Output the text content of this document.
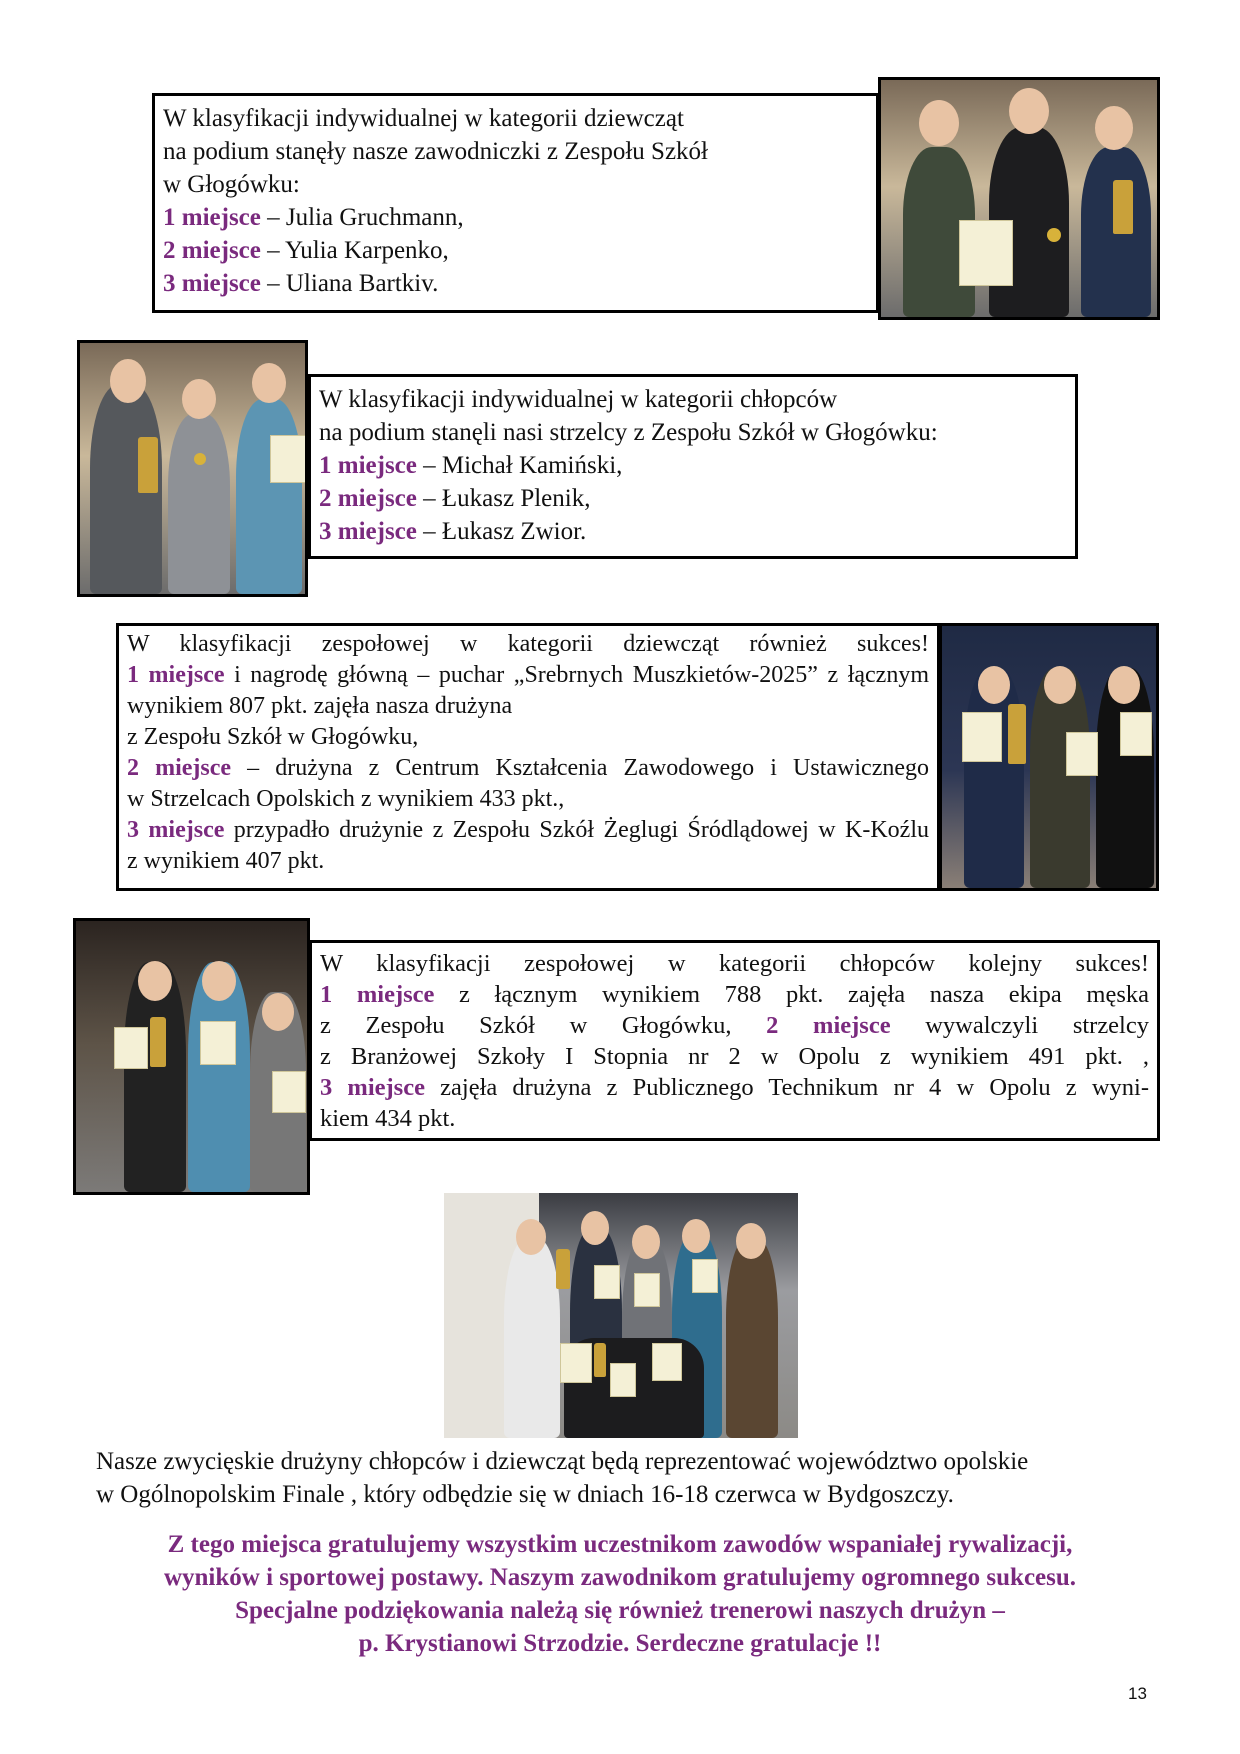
W klasyfikacji indywidualnej w kategorii dziewcząt
na podium stanęły nasze zawodniczki z Zespołu Szkół
w Głogówku:
1 miejsce – Julia Gruchmann,
2 miejsce – Yulia Karpenko,
3 miejsce – Uliana Bartkiv.
W klasyfikacji indywidualnej w kategorii chłopców
na podium stanęli nasi strzelcy z Zespołu Szkół w Głogówku:
1 miejsce – Michał Kamiński,
2 miejsce – Łukasz Plenik,
3 miejsce – Łukasz Zwior.
W klasyfikacji zespołowej w kategorii dziewcząt również sukces!
1 miejsce i nagrodę główną – puchar „Srebrnych Muszkietów-2025” z łącznym
wynikiem 807 pkt. zajęła nasza drużyna
z Zespołu Szkół w Głogówku,
2 miejsce – drużyna z Centrum Kształcenia Zawodowego i Ustawicznego
w Strzelcach Opolskich z wynikiem 433 pkt.,
3 miejsce przypadło drużynie z Zespołu Szkół Żeglugi Śródlądowej w K-Koźlu
z wynikiem 407 pkt.
W klasyfikacji zespołowej w kategorii chłopców kolejny sukces!
1 miejsce z łącznym wynikiem 788 pkt. zajęła nasza ekipa męska
z Zespołu Szkół w Głogówku, 2 miejsce wywalczyli strzelcy
z Branżowej Szkoły I Stopnia nr 2 w Opolu z wynikiem 491 pkt. ,
3 miejsce zajęła drużyna z Publicznego Technikum nr 4 w Opolu z wyni-
kiem 434 pkt.
Nasze zwycięskie drużyny chłopców i dziewcząt będą reprezentować województwo opolskie
w Ogólnopolskim Finale , który odbędzie się w dniach 16-18 czerwca w Bydgoszczy.
Z tego miejsca gratulujemy wszystkim uczestnikom zawodów wspaniałej rywalizacji,
wyników i sportowej postawy. Naszym zawodnikom gratulujemy ogromnego sukcesu.
Specjalne podziękowania należą się również trenerowi naszych drużyn –
p. Krystianowi Strzodzie. Serdeczne gratulacje !!
13
